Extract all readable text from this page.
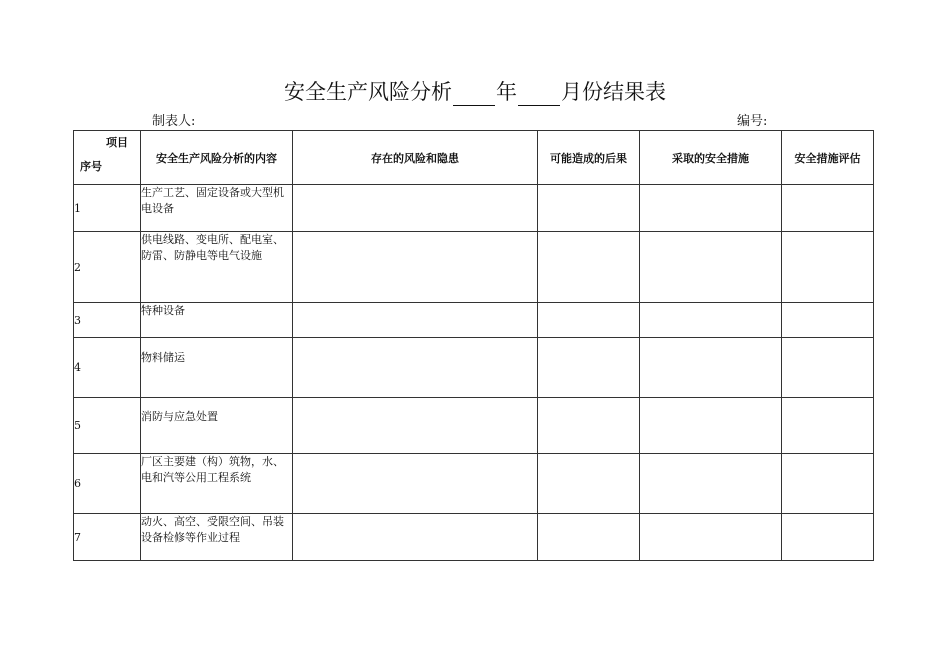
安全生产风险分析 年 月份结果表
制表人:	编号:
项目
序号	安全生产风险分析的内容	存在的风险和隐患	可能造成的后果	采取的安全措施	安全措施评估
1	生产工艺、固定设备或大型机电设备				
2	供电线路、变电所、配电室、防雷、防静电等电气设施				
3	特种设备				
4	物料储运				
5	消防与应急处置				
6	厂区主要建（构）筑物，水、电和汽等公用工程系统				
7	动火、高空、受限空间、吊装设备检修等作业过程				
